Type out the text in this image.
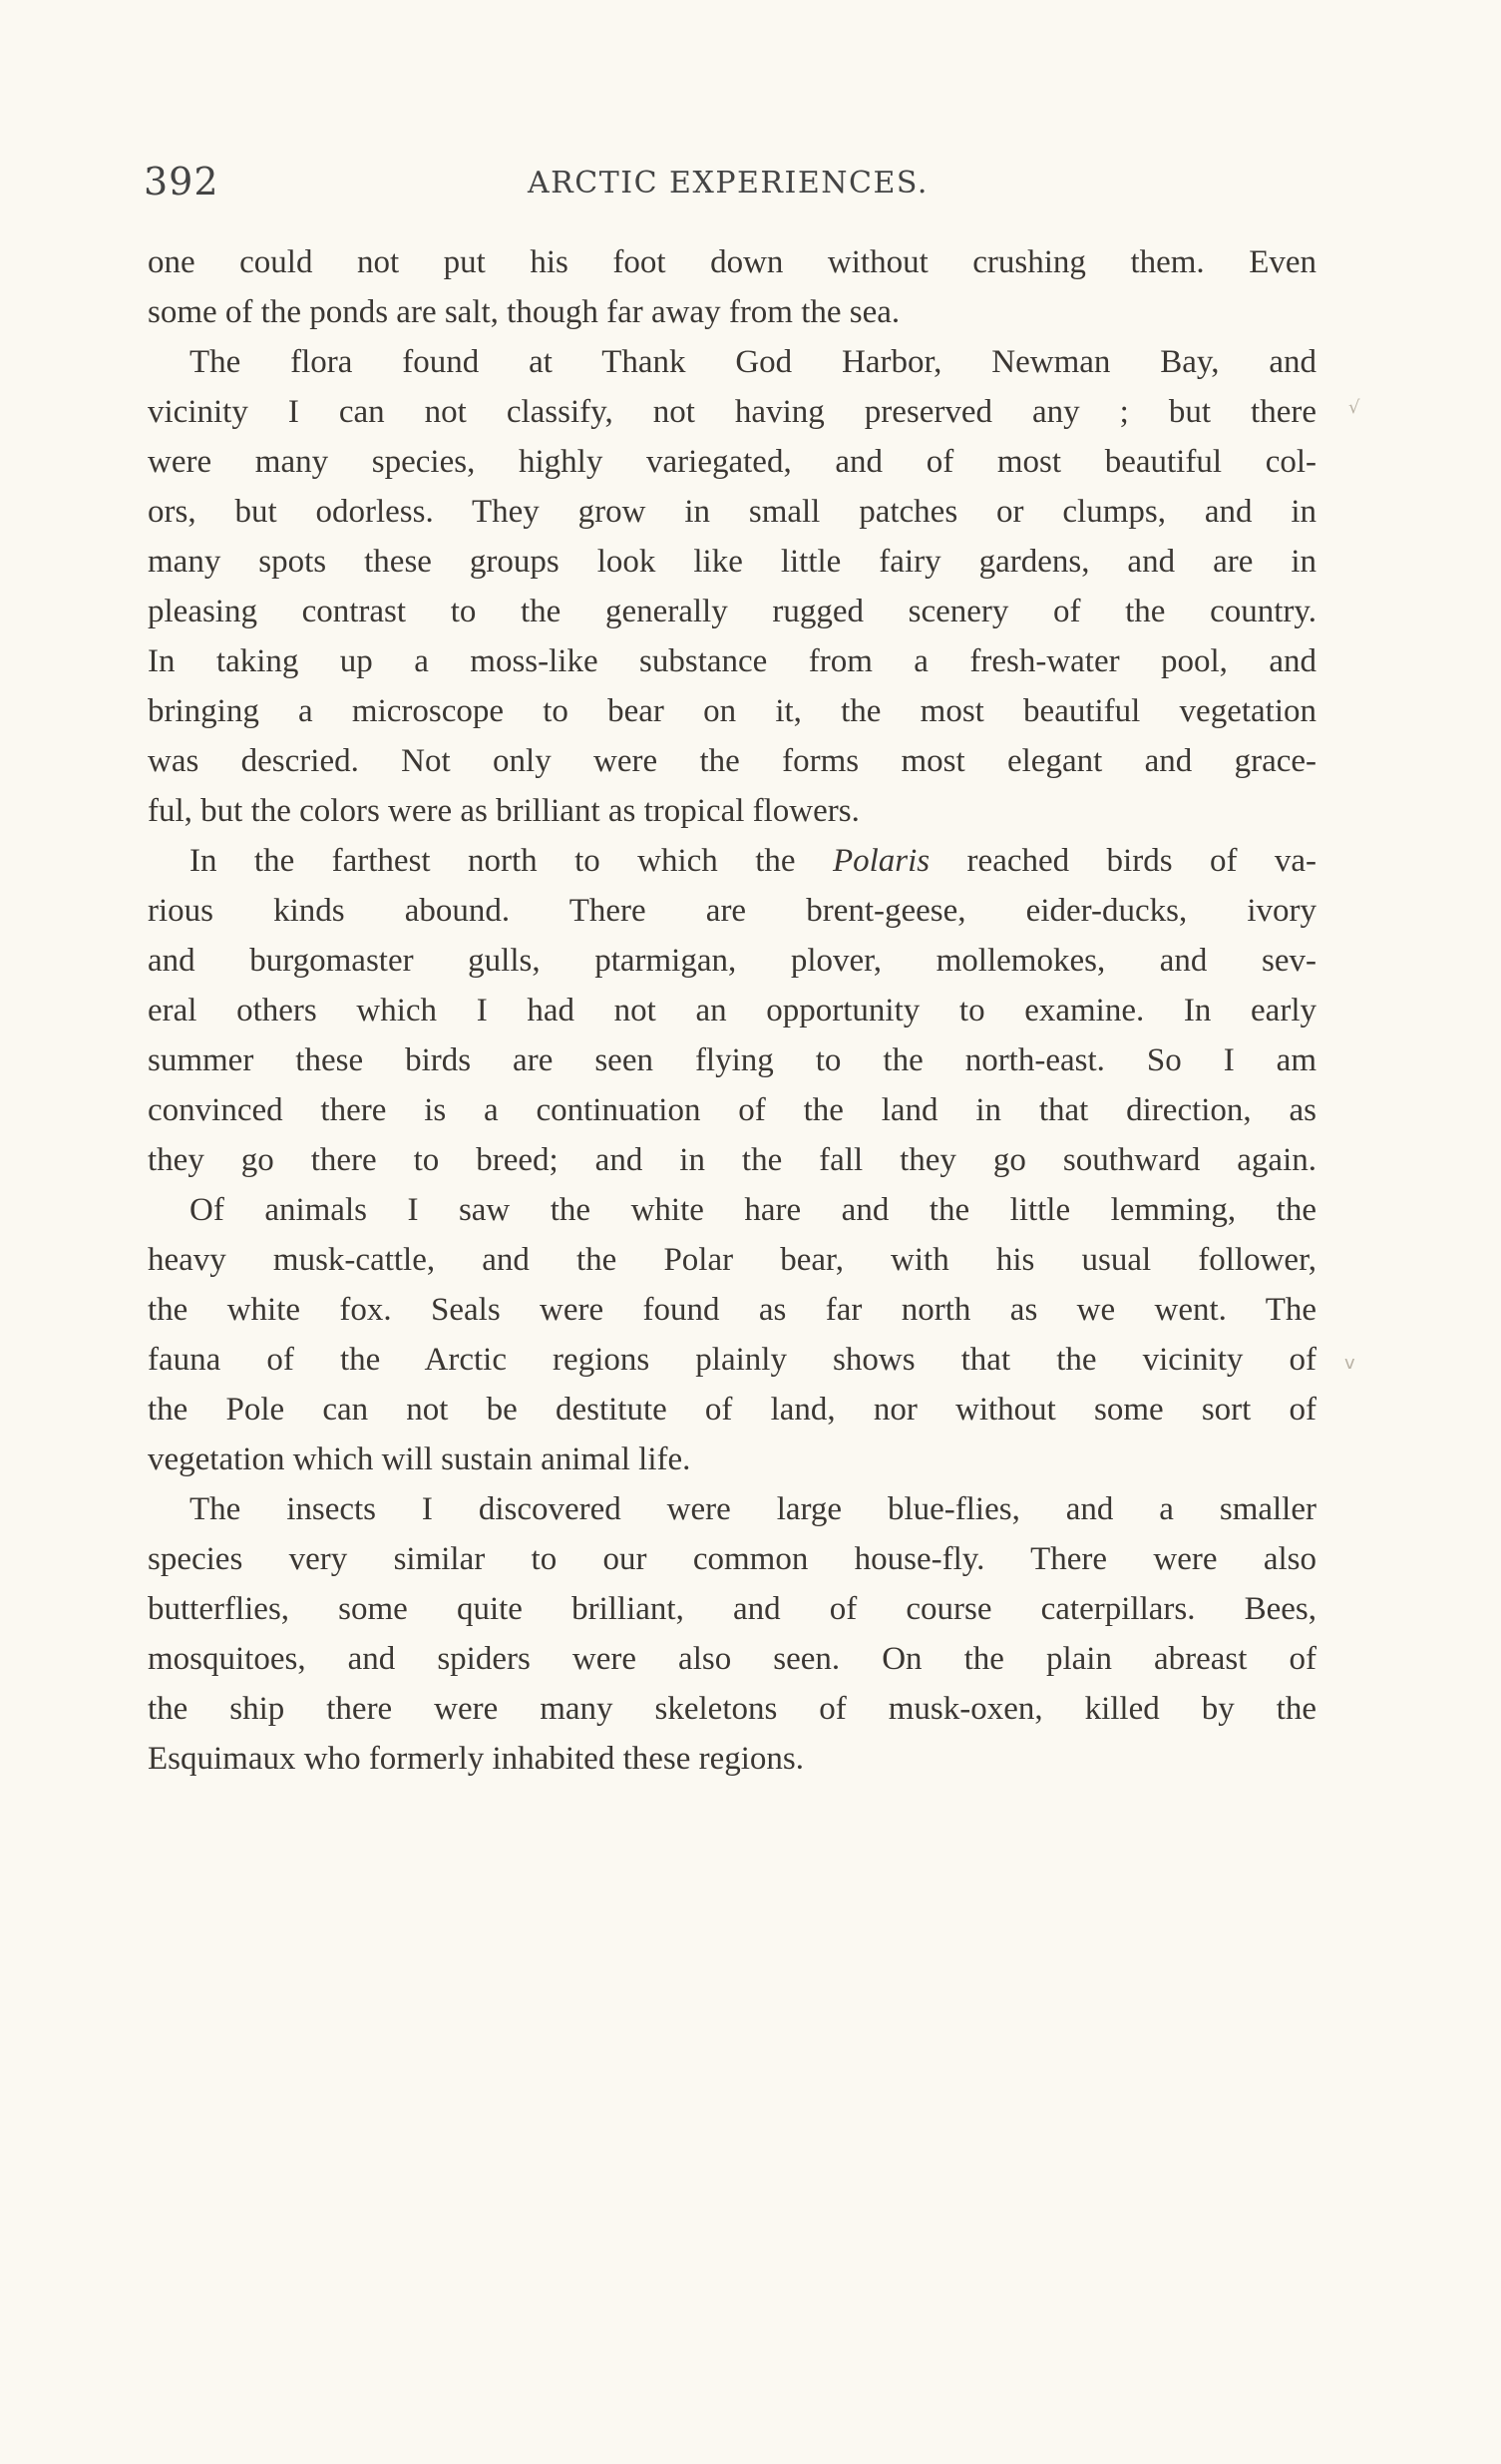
392	ARCTIC EXPERIENCES.
√
v
one could not put his foot down without crushing them. Even
some of the ponds are salt, though far away from the sea.
The flora found at Thank God Harbor, Newman Bay, and
vicinity I can not classify, not having preserved any ; but there
were many species, highly variegated, and of most beautiful col-
ors, but odorless. They grow in small patches or clumps, and in
many spots these groups look like little fairy gardens, and are in
pleasing contrast to the generally rugged scenery of the country.
In taking up a moss-like substance from a fresh-water pool, and
bringing a microscope to bear on it, the most beautiful vegetation
was descried. Not only were the forms most elegant and grace-
ful, but the colors were as brilliant as tropical flowers.
In the farthest north to which the Polaris reached birds of va-
rious kinds abound. There are brent-geese, eider-ducks, ivory
and burgomaster gulls, ptarmigan, plover, mollemokes, and sev-
eral others which I had not an opportunity to examine. In early
summer these birds are seen flying to the north-east. So I am
convinced there is a continuation of the land in that direction, as
they go there to breed; and in the fall they go southward again.
Of animals I saw the white hare and the little lemming, the
heavy musk-cattle, and the Polar bear, with his usual follower,
the white fox. Seals were found as far north as we went. The
fauna of the Arctic regions plainly shows that the vicinity of
the Pole can not be destitute of land, nor without some sort of
vegetation which will sustain animal life.
The insects I discovered were large blue-flies, and a smaller
species very similar to our common house-fly. There were also
butterflies, some quite brilliant, and of course caterpillars. Bees,
mosquitoes, and spiders were also seen. On the plain abreast of
the ship there were many skeletons of musk-oxen, killed by the
Esquimaux who formerly inhabited these regions.
